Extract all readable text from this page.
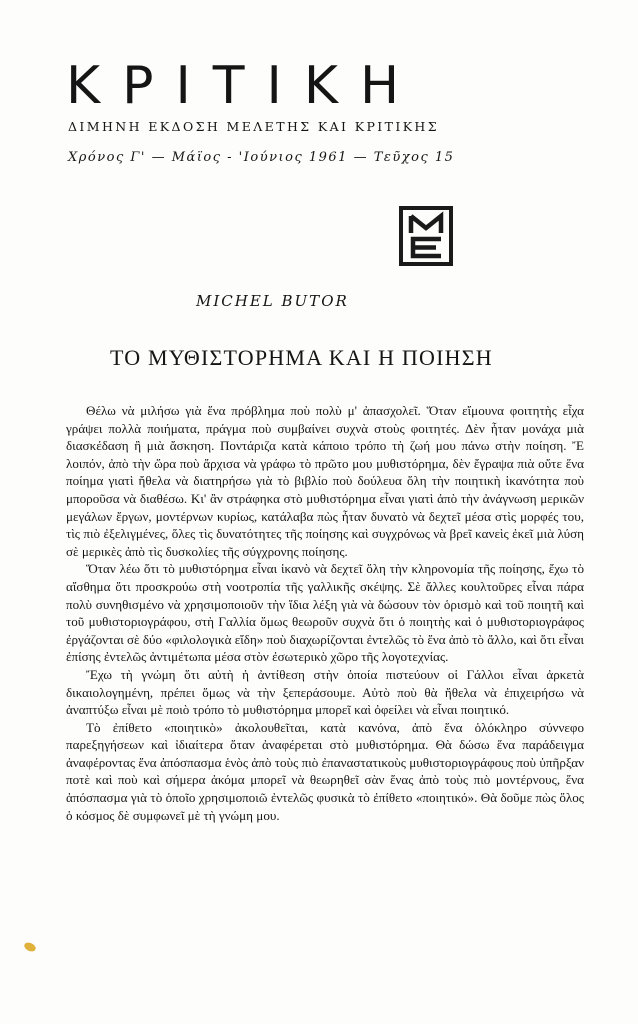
ΚΡΙΤΙΚΗ
ΔΙΜΗΝΗ ΕΚΔΟΣΗ ΜΕΛΕΤΗΣ ΚΑΙ ΚΡΙΤΙΚΗΣ
Χρόνος Γ' — Μάϊος - 'Ιούνιος 1961 — Τεῦχος 15
MICHEL BUTOR
ΤΟ ΜΥΘΙΣΤΟΡΗΜΑ ΚΑΙ Η ΠΟΙΗΣΗ

Θέλω νὰ μιλήσω γιὰ ἕνα πρόβλημα ποὺ πολὺ μ' ἀπασχολεῖ. Ὅταν εἴμουνα φοιτητὴς εἶχα γράψει πολλὰ ποιήματα, πράγμα ποὺ συμβαίνει συχνὰ στοὺς φοιτητές. Δὲν ἦταν μονάχα μιὰ διασκέδαση ἢ μιὰ ἄσκηση. Ποντάριζα κατὰ κάποιο τρόπο τὴ ζωή μου πάνω στὴν ποίηση. Ἔ λοιπόν, ἀπὸ τὴν ὥρα ποὺ ἄρχισα νὰ γράφω τὸ πρῶτο μου μυθιστόρημα, δὲν ἔγραψα πιὰ οὔτε ἕνα ποίημα γιατὶ ἤθελα νὰ διατηρήσω γιὰ τὸ βιβλίο ποὺ δούλευα ὅλη τὴν ποιητικὴ ἱκανότητα ποὺ μποροῦσα νὰ διαθέσω. Κι' ἂν στράφηκα στὸ μυθιστόρημα εἶναι γιατὶ ἀπὸ τὴν ἀνάγνωση μερικῶν μεγάλων ἔργων, μοντέρνων κυρίως, κατάλαβα πὼς ἦταν δυνατὸ νὰ δεχτεῖ μέσα στὶς μορφές του, τὶς πιὸ ἐξελιγμένες, ὅλες τὶς δυνατότητες τῆς ποίησης καὶ συγχρόνως νὰ βρεῖ κανεὶς ἐκεῖ μιὰ λύση σὲ μερικὲς ἀπὸ τὶς δυσκολίες τῆς σύγχρονης ποίησης.

Ὅταν λέω ὅτι τὸ μυθιστόρημα εἶναι ἱκανὸ νὰ δεχτεῖ ὅλη τὴν κληρονομία τῆς ποίησης, ἔχω τὸ αἴσθημα ὅτι προσκρούω στὴ νοοτροπία τῆς γαλλικῆς σκέψης. Σὲ ἄλλες κουλτοῦρες εἶναι πάρα πολὺ συνηθισμένο νὰ χρησιμοποιοῦν τὴν ἴδια λέξη γιὰ νὰ δώσουν τὸν ὁρισμὸ καὶ τοῦ ποιητῆ καὶ τοῦ μυθιστοριογράφου, στὴ Γαλλία ὅμως θεωροῦν συχνὰ ὅτι ὁ ποιητὴς καὶ ὁ μυθιστοριογράφος ἐργάζονται σὲ δύο «φιλολογικὰ εἴδη» ποὺ διαχωρίζονται ἐντελῶς τὸ ἕνα ἀπὸ τὸ ἄλλο, καὶ ὅτι εἶναι ἐπίσης ἐντελῶς ἀντιμέτωπα μέσα στὸν ἐσωτερικὸ χῶρο τῆς λογοτεχνίας.

Ἔχω τὴ γνώμη ὅτι αὐτὴ ἡ ἀντίθεση στὴν ὁποία πιστεύουν οἱ Γάλλοι εἶναι ἀρκετὰ δικαιολογημένη, πρέπει ὅμως νὰ τὴν ξεπεράσουμε. Αὐτὸ ποὺ θὰ ἤθελα νὰ ἐπιχειρήσω νὰ ἀναπτύξω εἶναι μὲ ποιὸ τρόπο τὸ μυθιστόρημα μπορεῖ καὶ ὀφείλει νὰ εἶναι ποιητικό.

Τὸ ἐπίθετο «ποιητικὸ» ἀκολουθεῖται, κατὰ κανόνα, ἀπὸ ἕνα ὁλόκληρο σύννεφο παρεξηγήσεων καὶ ἰδιαίτερα ὅταν ἀναφέρεται στὸ μυθιστόρημα. Θὰ δώσω ἕνα παράδειγμα ἀναφέροντας ἕνα ἀπόσπασμα ἑνὸς ἀπὸ τοὺς πιὸ ἐπαναστατικοὺς μυθιστοριογράφους ποὺ ὑπῆρξαν ποτὲ καὶ ποὺ καὶ σήμερα ἀκόμα μπορεῖ νὰ θεωρηθεῖ σὰν ἕνας ἀπὸ τοὺς πιὸ μοντέρνους, ἕνα ἀπόσπασμα γιὰ τὸ ὁποῖο χρησιμοποιῶ ἐντελῶς φυσικὰ τὸ ἐπίθετο «ποιητικό». Θὰ δοῦμε πὼς ὅλος ὁ κόσμος δὲ συμφωνεῖ μὲ τὴ γνώμη μου.
